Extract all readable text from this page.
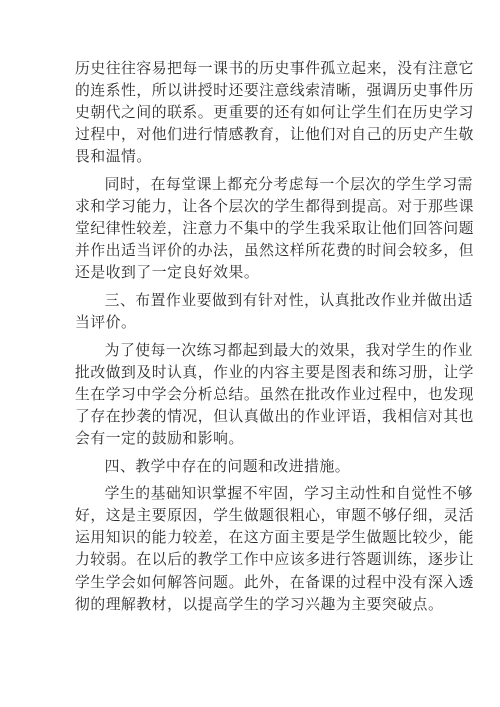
历史往往容易把每一课书的历史事件孤立起来，没有注意它
的连系性，所以讲授时还要注意线索清晰，强调历史事件历
史朝代之间的联系。更重要的还有如何让学生们在历史学习
过程中，对他们进行情感教育，让他们对自己的历史产生敬
畏和温情。

同时，在每堂课上都充分考虑每一个层次的学生学习需
求和学习能力，让各个层次的学生都得到提高。对于那些课
堂纪律性较差，注意力不集中的学生我采取让他们回答问题
并作出适当评价的办法，虽然这样所花费的时间会较多，但
还是收到了一定良好效果。

三、布置作业要做到有针对性，认真批改作业并做出适
当评价。

为了使每一次练习都起到最大的效果，我对学生的作业
批改做到及时认真，作业的内容主要是图表和练习册，让学
生在学习中学会分析总结。虽然在批改作业过程中，也发现
了存在抄袭的情况，但认真做出的作业评语，我相信对其也
会有一定的鼓励和影响。

四、教学中存在的问题和改进措施。

学生的基础知识掌握不牢固，学习主动性和自觉性不够
好，这是主要原因，学生做题很粗心，审题不够仔细，灵活
运用知识的能力较差，在这方面主要是学生做题比较少，能
力较弱。在以后的教学工作中应该多进行答题训练，逐步让
学生学会如何解答问题。此外，在备课的过程中没有深入透
彻的理解教材，以提高学生的学习兴趣为主要突破点。
